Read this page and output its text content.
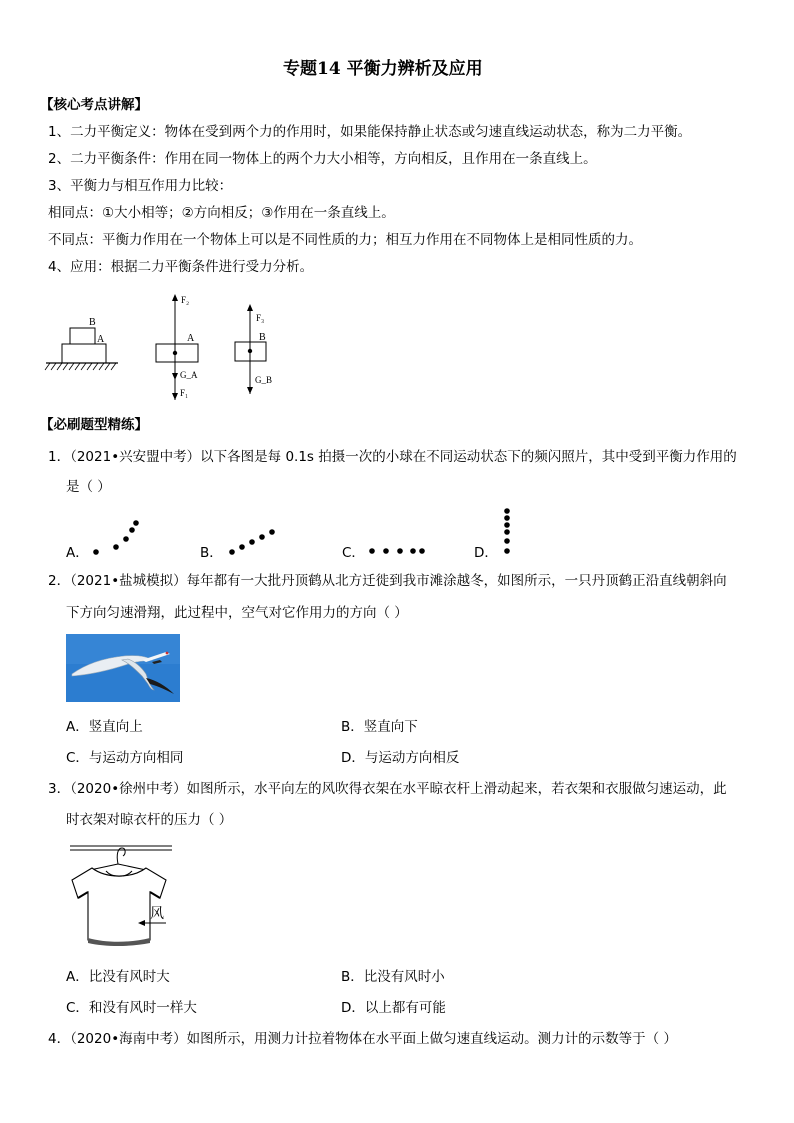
专题14 平衡力辨析及应用
【核心考点讲解】
1、二力平衡定义：物体在受到两个力的作用时，如果能保持静止状态或匀速直线运动状态，称为二力平衡。
2、二力平衡条件：作用在同一物体上的两个力大小相等，方向相反，且作用在一条直线上。
3、平衡力与相互作用力比较：
相同点：①大小相等；②方向相反；③作用在一条直线上。
不同点：平衡力作用在一个物体上可以是不同性质的力；相互力作用在不同物体上是相同性质的力。
4、应用：根据二力平衡条件进行受力分析。
B
A
F₂
A
G_A
F₁
F₃
B
G_B
【必刷题型精练】
1．（2021•兴安盟中考）以下各图是每 0.1s 拍摄一次的小球在不同运动状态下的频闪照片，其中受到平衡力作用的
是（ ）
A．	B．	C．	D．
2．（2021•盐城模拟）每年都有一大批丹顶鹤从北方迁徙到我市滩涂越冬，如图所示，一只丹顶鹤正沿直线朝斜向
下方向匀速滑翔，此过程中，空气对它作用力的方向（ ）
A．竖直向上	B．竖直向下
C．与运动方向相同	D．与运动方向相反
3．（2020•徐州中考）如图所示，水平向左的风吹得衣架在水平晾衣杆上滑动起来，若衣架和衣服做匀速运动，此
时衣架对晾衣杆的压力（ ）
风
A．比没有风时大	B．比没有风时小
C．和没有风时一样大	D．以上都有可能
4．（2020•海南中考）如图所示，用测力计拉着物体在水平面上做匀速直线运动。测力计的示数等于（ ）
